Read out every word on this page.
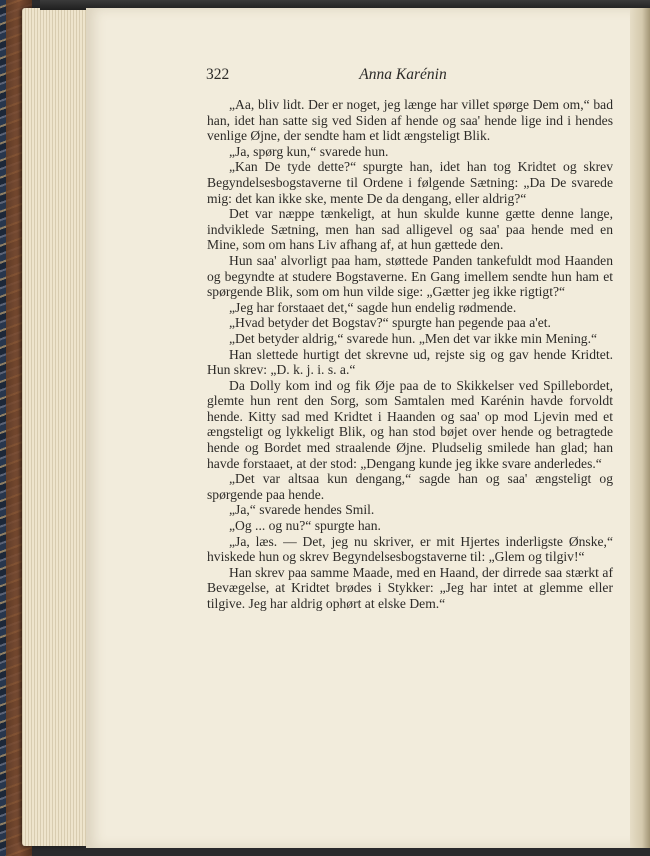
322	Anna Karénin

„Aa, bliv lidt. Der er noget, jeg længe har villet spørge Dem om,“ bad han, idet han satte sig ved Siden af hende og saa' hende lige ind i hendes venlige Øjne, der sendte ham et lidt ængsteligt Blik.

„Ja, spørg kun,“ svarede hun.

„Kan De tyde dette?“ spurgte han, idet han tog Kridtet og skrev Begyndelsesbogstaverne til Ordene i følgende Sætning: „Da De svarede mig: det kan ikke ske, mente De da dengang, eller aldrig?“

Det var næppe tænkeligt, at hun skulde kunne gætte denne lange, indviklede Sætning, men han sad alligevel og saa' paa hende med en Mine, som om hans Liv afhang af, at hun gættede den.

Hun saa' alvorligt paa ham, støttede Panden tankefuldt mod Haanden og begyndte at studere Bogstaverne. En Gang imellem sendte hun ham et spørgende Blik, som om hun vilde sige: „Gætter jeg ikke rigtigt?“

„Jeg har forstaaet det,“ sagde hun endelig rødmende.

„Hvad betyder det Bogstav?“ spurgte han pegende paa a'et.

„Det betyder aldrig,“ svarede hun. „Men det var ikke min Mening.“

Han slettede hurtigt det skrevne ud, rejste sig og gav hende Kridtet. Hun skrev: „D. k. j. i. s. a.“

Da Dolly kom ind og fik Øje paa de to Skikkelser ved Spillebordet, glemte hun rent den Sorg, som Samtalen med Karénin havde forvoldt hende. Kitty sad med Kridtet i Haanden og saa' op mod Ljevin med et ængsteligt og lykkeligt Blik, og han stod bøjet over hende og betragtede hende og Bordet med straalende Øjne. Pludselig smilede han glad; han havde forstaaet, at der stod: „Dengang kunde jeg ikke svare anderledes.“

„Det var altsaa kun dengang,“ sagde han og saa' ængsteligt og spørgende paa hende.

„Ja,“ svarede hendes Smil.

„Og ... og nu?“ spurgte han.

„Ja, læs. — Det, jeg nu skriver, er mit Hjertes inderligste Ønske,“ hviskede hun og skrev Begyndelsesbogstaverne til: „Glem og tilgiv!“

Han skrev paa samme Maade, med en Haand, der dirrede saa stærkt af Bevægelse, at Kridtet brødes i Stykker: „Jeg har intet at glemme eller tilgive. Jeg har aldrig ophørt at elske Dem.“
